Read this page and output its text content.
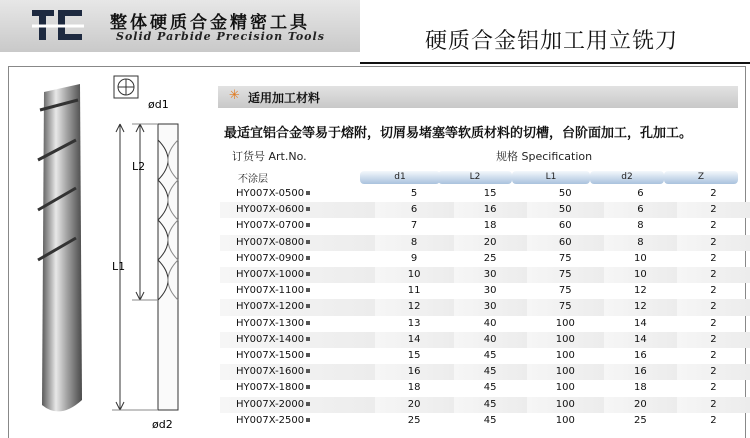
整体硬质合金精密工具
Solid Parbide Precision Tools	硬质合金铝加工用立铣刀
ød1
L2
L1
ød2
✳ 适用加工材料
最适宜铝合金等易于熔附，切屑易堵塞等软质材料的切槽，台阶面加工，孔加工。
订货号 Art.No.	规格 Specification
不涂层	d1	L2	L1	d2	Z
HY007X-0500	5	15	50	6	2
HY007X-0600	6	16	50	6	2
HY007X-0700	7	18	60	8	2
HY007X-0800	8	20	60	8	2
HY007X-0900	9	25	75	10	2
HY007X-1000	10	30	75	10	2
HY007X-1100	11	30	75	12	2
HY007X-1200	12	30	75	12	2
HY007X-1300	13	40	100	14	2
HY007X-1400	14	40	100	14	2
HY007X-1500	15	45	100	16	2
HY007X-1600	16	45	100	16	2
HY007X-1800	18	45	100	18	2
HY007X-2000	20	45	100	20	2
HY007X-2500	25	45	100	25	2
